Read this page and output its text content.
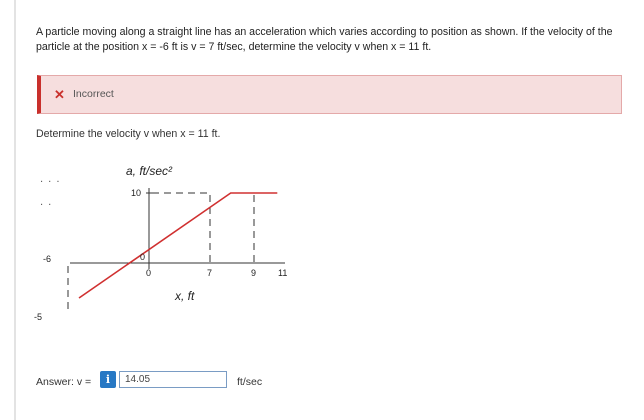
A particle moving along a straight line has an acceleration which varies according to position as shown. If the velocity of the particle at the position x = -6 ft is v = 7 ft/sec, determine the velocity v when x = 11 ft.
✕ Incorrect
Determine the velocity v when x = 11 ft.
...
..
a, ft/sec²
x, ft
10
0
-5
-6
0	7	9 11
Answer: v =	i
14.05	ft/sec
